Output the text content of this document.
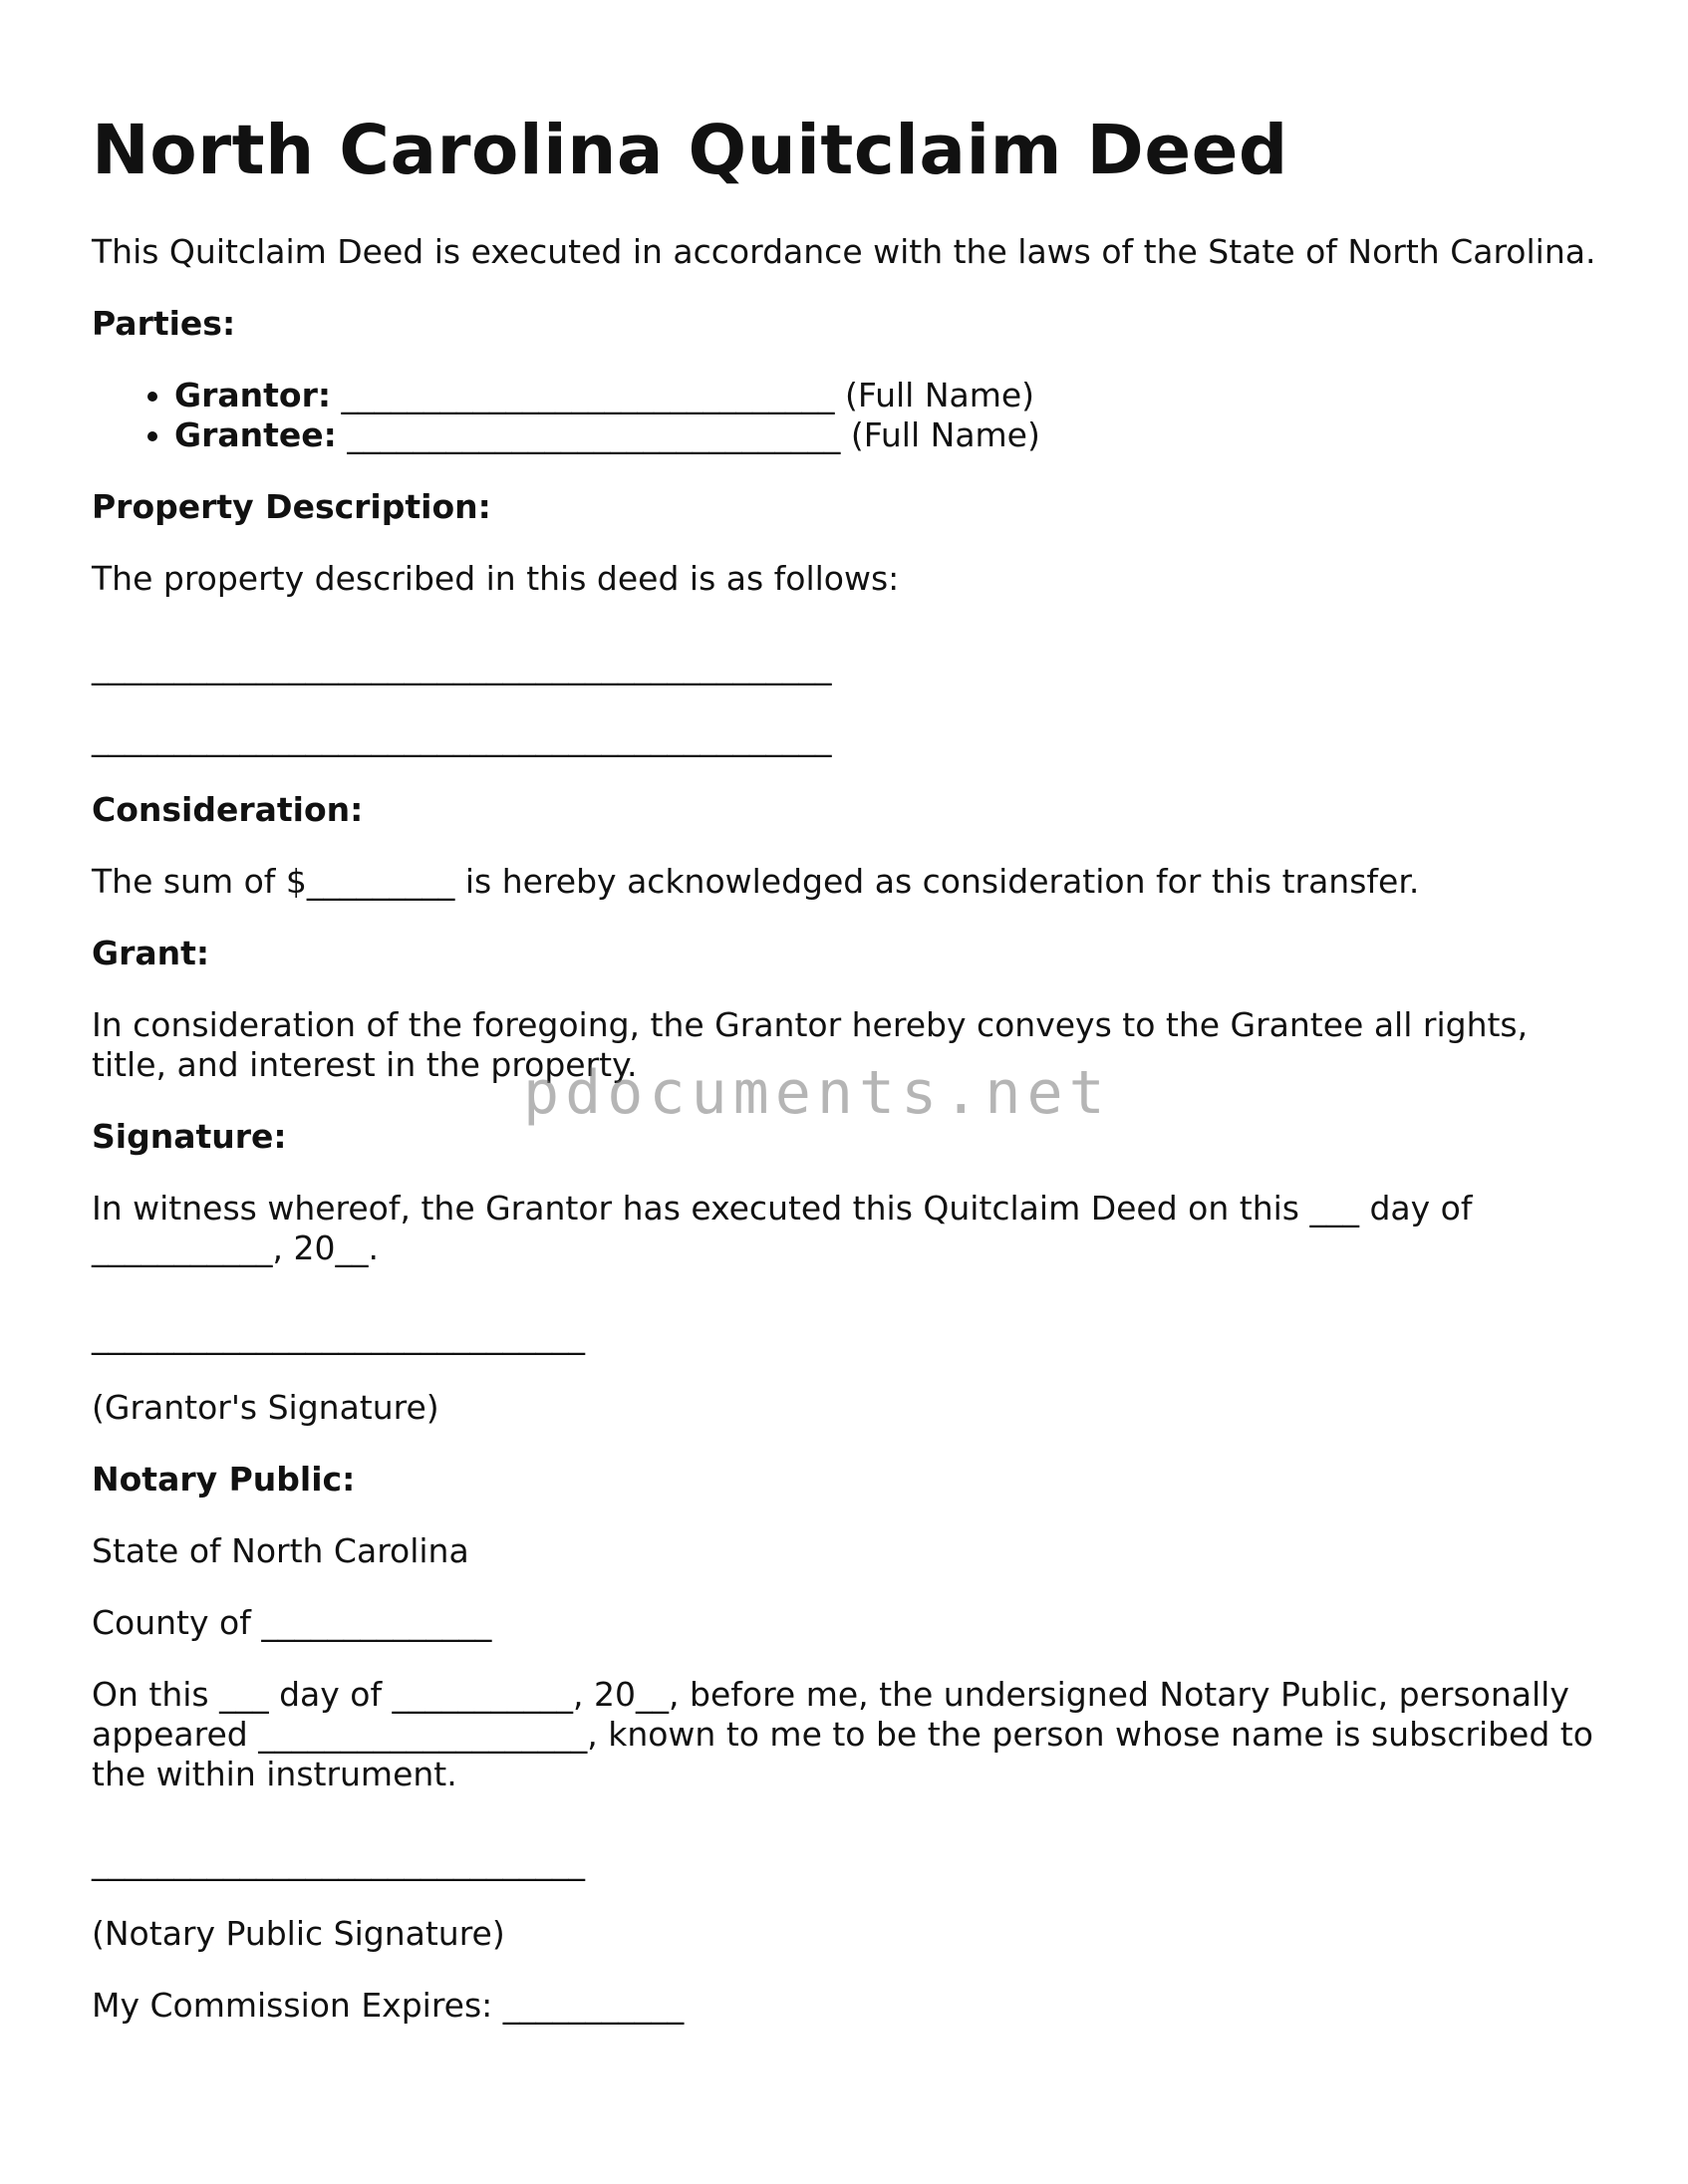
North Carolina Quitclaim Deed

This Quitclaim Deed is executed in accordance with the laws of the State of North Carolina.

Parties:

• Grantor: ______________________________ (Full Name)
• Grantee: ______________________________ (Full Name)

Property Description:

The property described in this deed is as follows:

_____________________________________________

_____________________________________________

Consideration:

The sum of $_________ is hereby acknowledged as consideration for this transfer.

Grant:

In consideration of the foregoing, the Grantor hereby conveys to the Grantee all rights, title, and interest in the property.

Signature:

In witness whereof, the Grantor has executed this Quitclaim Deed on this ___ day of ___________, 20__.

______________________________

(Grantor's Signature)

Notary Public:

State of North Carolina

County of ______________

On this ___ day of ___________, 20__, before me, the undersigned Notary Public, personally appeared ____________________, known to me to be the person whose name is subscribed to the within instrument.

______________________________

(Notary Public Signature)

My Commission Expires: ___________

pdocuments.net
